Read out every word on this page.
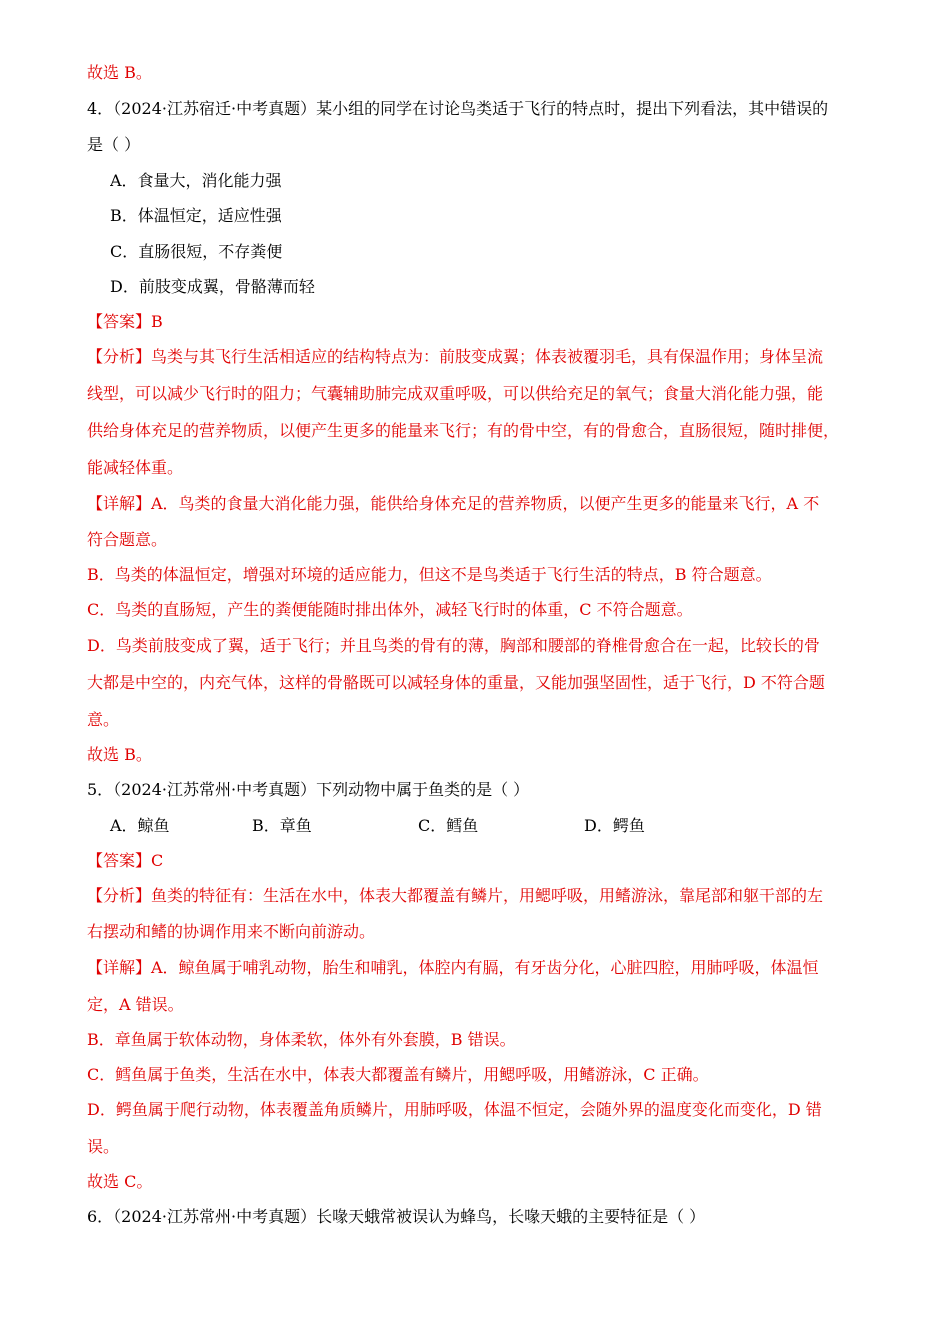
故选 B。
4．（2024·江苏宿迁·中考真题）某小组的同学在讨论鸟类适于飞行的特点时，提出下列看法，其中错误的
是（ ）
A．食量大，消化能力强
B．体温恒定，适应性强
C．直肠很短，不存粪便
D．前肢变成翼，骨骼薄而轻
【答案】B
【分析】鸟类与其飞行生活相适应的结构特点为：前肢变成翼；体表被覆羽毛，具有保温作用；身体呈流
线型，可以减少飞行时的阻力；气囊辅助肺完成双重呼吸，可以供给充足的氧气；食量大消化能力强，能
供给身体充足的营养物质，以便产生更多的能量来飞行；有的骨中空，有的骨愈合，直肠很短，随时排便，
能减轻体重。
【详解】A．鸟类的食量大消化能力强，能供给身体充足的营养物质，以便产生更多的能量来飞行，A 不
符合题意。
B．鸟类的体温恒定，增强对环境的适应能力，但这不是鸟类适于飞行生活的特点，B 符合题意。
C．鸟类的直肠短，产生的粪便能随时排出体外，减轻飞行时的体重，C 不符合题意。
D．鸟类前肢变成了翼，适于飞行；并且鸟类的骨有的薄，胸部和腰部的脊椎骨愈合在一起，比较长的骨
大都是中空的，内充气体，这样的骨骼既可以减轻身体的重量，又能加强坚固性，适于飞行，D 不符合题
意。
故选 B。
5．（2024·江苏常州·中考真题）下列动物中属于鱼类的是（ ）
A．鲸鱼	B．章鱼	C．鳕鱼	D．鳄鱼
【答案】C
【分析】鱼类的特征有：生活在水中，体表大都覆盖有鳞片，用鳃呼吸，用鳍游泳，靠尾部和躯干部的左
右摆动和鳍的协调作用来不断向前游动。
【详解】A．鲸鱼属于哺乳动物，胎生和哺乳，体腔内有膈，有牙齿分化，心脏四腔，用肺呼吸，体温恒
定，A 错误。
B．章鱼属于软体动物，身体柔软，体外有外套膜，B 错误。
C．鳕鱼属于鱼类，生活在水中，体表大都覆盖有鳞片，用鳃呼吸，用鳍游泳，C 正确。
D．鳄鱼属于爬行动物，体表覆盖角质鳞片，用肺呼吸，体温不恒定，会随外界的温度变化而变化，D 错
误。
故选 C。
6．（2024·江苏常州·中考真题）长喙天蛾常被误认为蜂鸟，长喙天蛾的主要特征是（ ）
